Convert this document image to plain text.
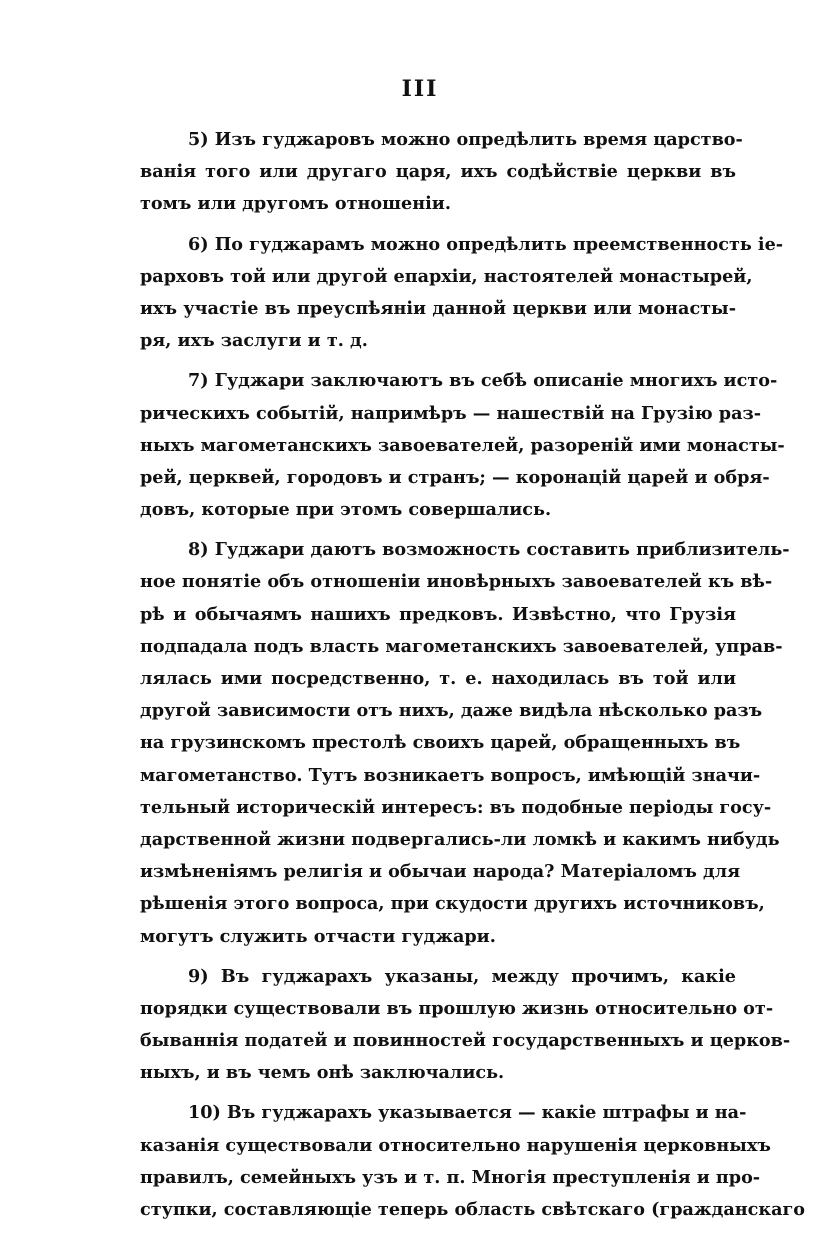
III
5) Изъ гуджаровъ можно опредѣлить время царство-
ванія того или другаго царя, ихъ содѣйствіе церкви въ
томъ или другомъ отношеніи.
6) По гуджарамъ можно опредѣлить преемственность іе-
рарховъ той или другой епархіи, настоятелей монастырей,
ихъ участіе въ преуспѣяніи данной церкви или монасты-
ря, ихъ заслуги и т. д.
7) Гуджари заключаютъ въ себѣ описаніе многихъ исто-
рическихъ событій, напримѣръ — нашествій на Грузію раз-
ныхъ магометанскихъ завоевателей, разореній ими монасты-
рей, церквей, городовъ и странъ; — коронацій царей и обря-
довъ, которые при этомъ совершались.
8) Гуджари даютъ возможность составить приблизитель-
ное понятіе объ отношеніи иновѣрныхъ завоевателей къ вѣ-
рѣ и обычаямъ нашихъ предковъ. Извѣстно, что Грузія
подпадала подъ власть магометанскихъ завоевателей, управ-
лялась ими посредственно, т. е. находилась въ той или
другой зависимости отъ нихъ, даже видѣла нѣсколько разъ
на грузинскомъ престолѣ своихъ царей, обращенныхъ въ
магометанство. Тутъ возникаетъ вопросъ, имѣющій значи-
тельный историческій интересъ: въ подобные періоды госу-
дарственной жизни подвергались-ли ломкѣ и какимъ нибудь
измѣненіямъ религія и обычаи народа? Матеріаломъ для
рѣшенія этого вопроса, при скудости другихъ источниковъ,
могутъ служить отчасти гуджари.
9) Въ гуджарахъ указаны, между прочимъ, какіе
порядки существовали въ прошлую жизнь относительно от-
бываннія податей и повинностей государственныхъ и церков-
ныхъ, и въ чемъ онѣ заключались.
10) Въ гуджарахъ указывается — какіе штрафы и на-
казанія существовали относительно нарушенія церковныхъ
правилъ, семейныхъ узъ и т. п. Многія преступленія и про-
ступки, составляющіе теперь область свѣтскаго (гражданскаго
